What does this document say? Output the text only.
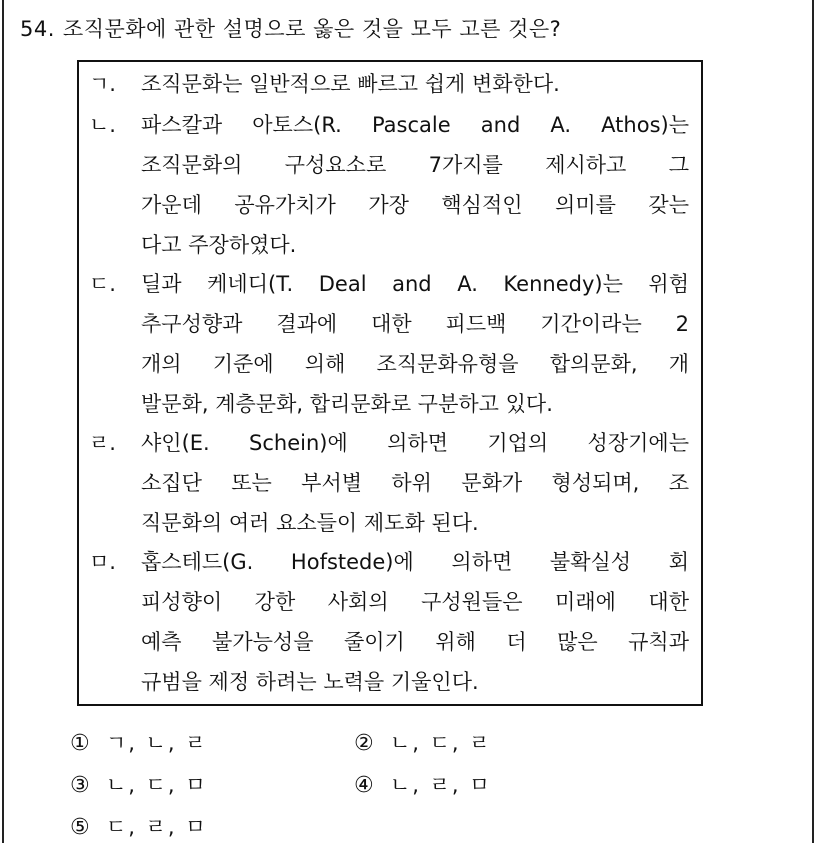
54. 조직문화에 관한 설명으로 옳은 것을 모두 고른 것은?
ㄱ.	조직문화는 일반적으로 빠르고 쉽게 변화한다.
ㄴ.	파스칼과 아토스(R. Pascale and A. Athos)는
조직문화의 구성요소로 7가지를 제시하고 그
가운데 공유가치가 가장 핵심적인 의미를 갖는
다고 주장하였다.
ㄷ.	딜과 케네디(T. Deal and A. Kennedy)는 위험
추구성향과 결과에 대한 피드백 기간이라는 2
개의 기준에 의해 조직문화유형을 합의문화, 개
발문화, 계층문화, 합리문화로 구분하고 있다.
ㄹ.	샤인(E. Schein)에 의하면 기업의 성장기에는
소집단 또는 부서별 하위 문화가 형성되며, 조
직문화의 여러 요소들이 제도화 된다.
ㅁ.	홉스테드(G. Hofstede)에 의하면 불확실성 회
피성향이 강한 사회의 구성원들은 미래에 대한
예측 불가능성을 줄이기 위해 더 많은 규칙과
규범을 제정 하려는 노력을 기울인다.
① ㄱ, ㄴ, ㄹ	② ㄴ, ㄷ, ㄹ
③ ㄴ, ㄷ, ㅁ	④ ㄴ, ㄹ, ㅁ
⑤ ㄷ, ㄹ, ㅁ
